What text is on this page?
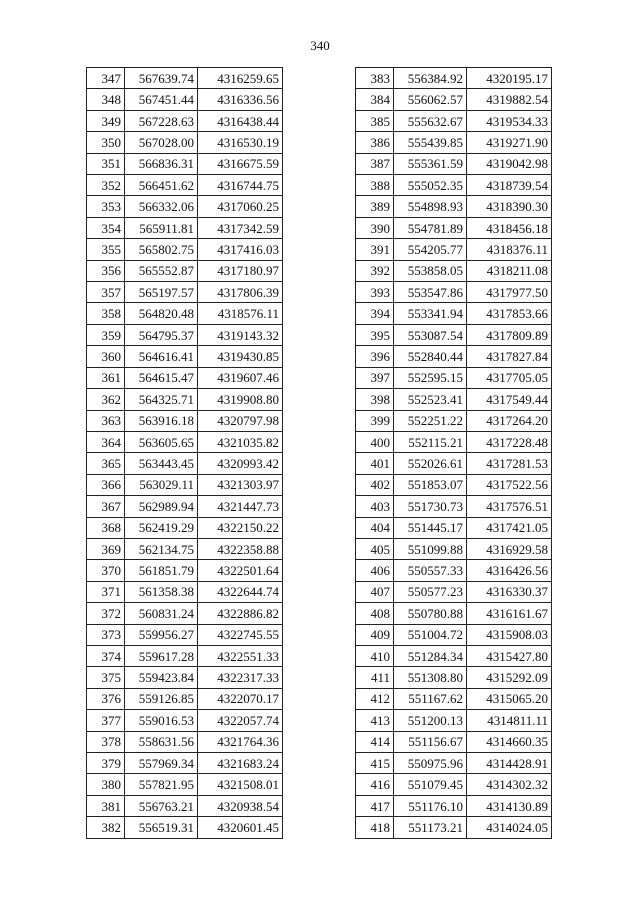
340
347	567639.74	4316259.65
348	567451.44	4316336.56
349	567228.63	4316438.44
350	567028.00	4316530.19
351	566836.31	4316675.59
352	566451.62	4316744.75
353	566332.06	4317060.25
354	565911.81	4317342.59
355	565802.75	4317416.03
356	565552.87	4317180.97
357	565197.57	4317806.39
358	564820.48	4318576.11
359	564795.37	4319143.32
360	564616.41	4319430.85
361	564615.47	4319607.46
362	564325.71	4319908.80
363	563916.18	4320797.98
364	563605.65	4321035.82
365	563443.45	4320993.42
366	563029.11	4321303.97
367	562989.94	4321447.73
368	562419.29	4322150.22
369	562134.75	4322358.88
370	561851.79	4322501.64
371	561358.38	4322644.74
372	560831.24	4322886.82
373	559956.27	4322745.55
374	559617.28	4322551.33
375	559423.84	4322317.33
376	559126.85	4322070.17
377	559016.53	4322057.74
378	558631.56	4321764.36
379	557969.34	4321683.24
380	557821.95	4321508.01
381	556763.21	4320938.54
382	556519.31	4320601.45
383	556384.92	4320195.17
384	556062.57	4319882.54
385	555632.67	4319534.33
386	555439.85	4319271.90
387	555361.59	4319042.98
388	555052.35	4318739.54
389	554898.93	4318390.30
390	554781.89	4318456.18
391	554205.77	4318376.11
392	553858.05	4318211.08
393	553547.86	4317977.50
394	553341.94	4317853.66
395	553087.54	4317809.89
396	552840.44	4317827.84
397	552595.15	4317705.05
398	552523.41	4317549.44
399	552251.22	4317264.20
400	552115.21	4317228.48
401	552026.61	4317281.53
402	551853.07	4317522.56
403	551730.73	4317576.51
404	551445.17	4317421.05
405	551099.88	4316929.58
406	550557.33	4316426.56
407	550577.23	4316330.37
408	550780.88	4316161.67
409	551004.72	4315908.03
410	551284.34	4315427.80
411	551308.80	4315292.09
412	551167.62	4315065.20
413	551200.13	4314811.11
414	551156.67	4314660.35
415	550975.96	4314428.91
416	551079.45	4314302.32
417	551176.10	4314130.89
418	551173.21	4314024.05
